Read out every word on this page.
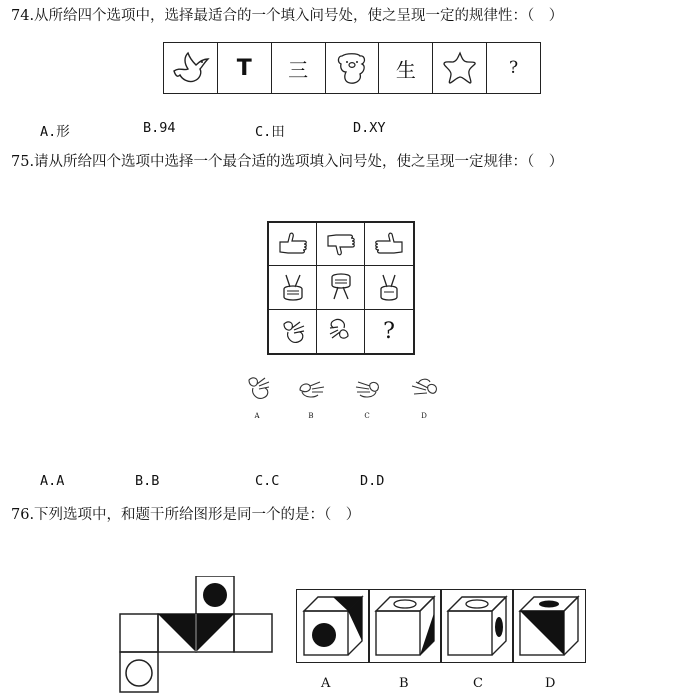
74.从所给四个选项中，选择最适合的一个填入问号处，使之呈现一定的规律性：（　）
T	三	生	?
A.形	B.94	C.田	D.XY
75.请从所给四个选项中选择一个最合适的选项填入问号处，使之呈现一定规律：（　）
?
A	B	C	D
A.A	B.B	C.C	D.D
76.下列选项中，和题干所给图形是同一个的是：（　）
A	B	C	D
